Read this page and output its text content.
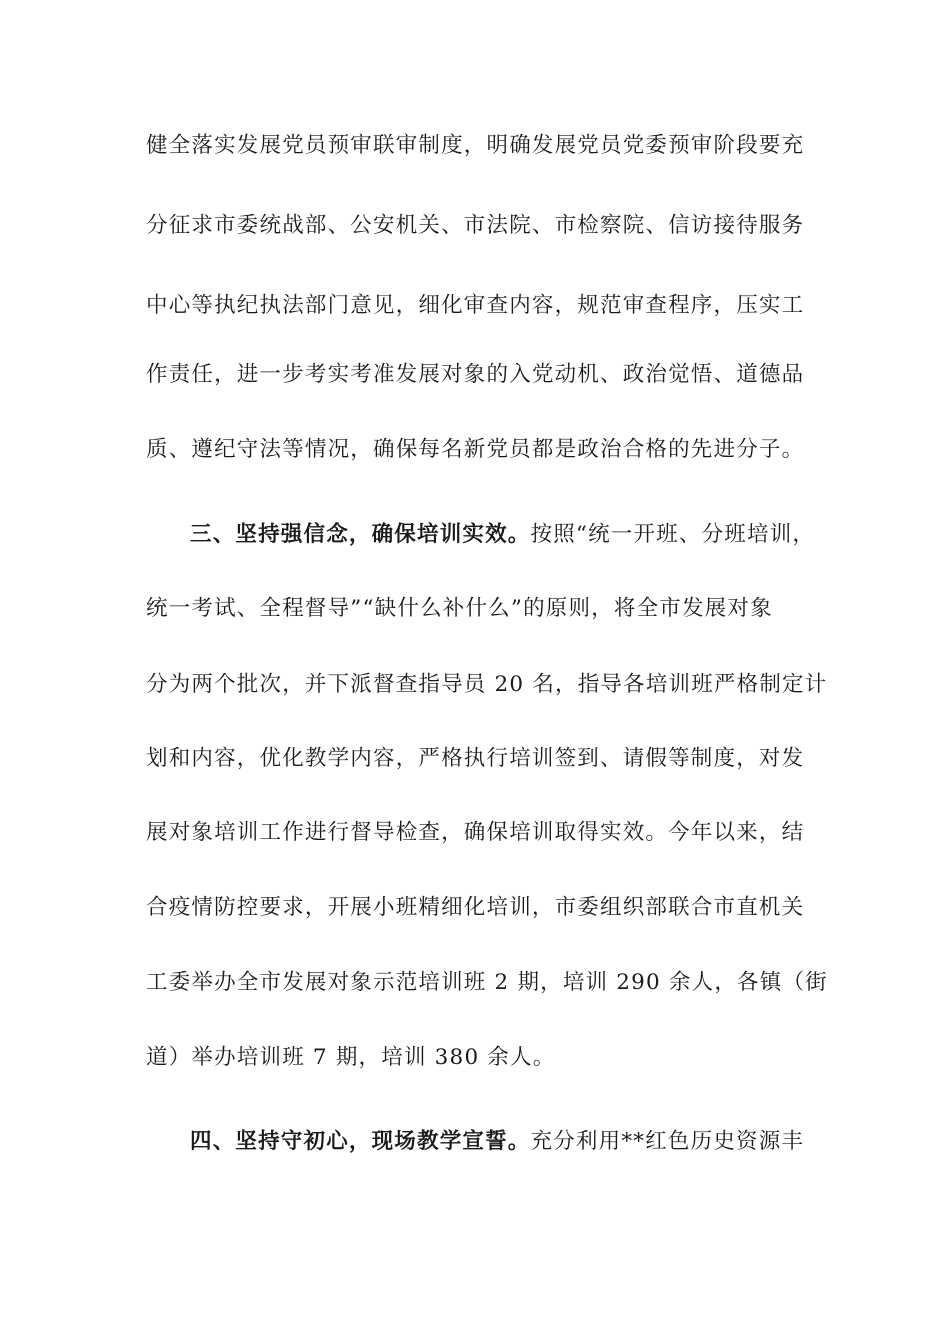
健全落实发展党员预审联审制度，明确发展党员党委预审阶段要充
分征求市委统战部、公安机关、市法院、市检察院、信访接待服务
中心等执纪执法部门意见，细化审查内容，规范审查程序，压实工
作责任，进一步考实考准发展对象的入党动机、政治觉悟、道德品
质、遵纪守法等情况，确保每名新党员都是政治合格的先进分子。
三、坚持强信念，确保培训实效。按照“统一开班、分班培训，
统一考试、全程督导”“缺什么补什么”的原则，将全市发展对象
分为两个批次，并下派督查指导员 20 名，指导各培训班严格制定计
划和内容，优化教学内容，严格执行培训签到、请假等制度，对发
展对象培训工作进行督导检查，确保培训取得实效。今年以来，结
合疫情防控要求，开展小班精细化培训，市委组织部联合市直机关
工委举办全市发展对象示范培训班 2 期，培训 290 余人，各镇（街
道）举办培训班 7 期，培训 380 余人。
四、坚持守初心，现场教学宣誓。充分利用**红色历史资源丰
